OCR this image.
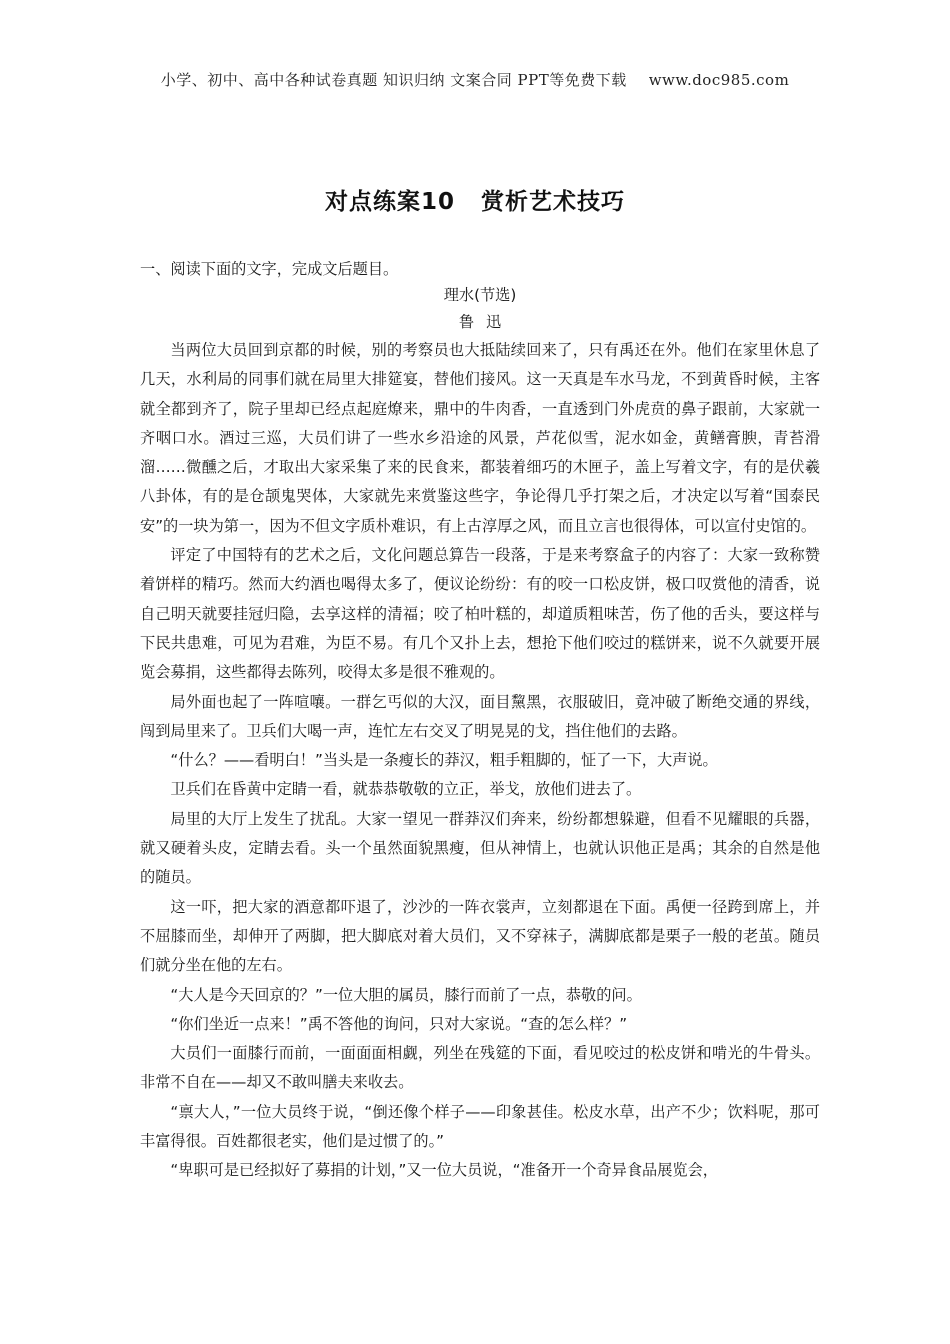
小学、初中、高中各种试卷真题 知识归纳 文案合同 PPT等免费下载 www.doc985.com
对点练案10 赏析艺术技巧
一、阅读下面的文字，完成文后题目。
理水(节选)
鲁迅

当两位大员回到京都的时候，别的考察员也大抵陆续回来了，只有禹还在外。他们在家里休息了几天，水利局的同事们就在局里大排筵宴，替他们接风。这一天真是车水马龙，不到黄昏时候，主客就全都到齐了，院子里却已经点起庭燎来，鼎中的牛肉香，一直透到门外虎贲的鼻子跟前，大家就一齐咽口水。酒过三巡，大员们讲了一些水乡沿途的风景，芦花似雪，泥水如金，黄鳝膏腴，青苔滑溜……微醺之后，才取出大家采集了来的民食来，都装着细巧的木匣子，盖上写着文字，有的是伏羲八卦体，有的是仓颉鬼哭体，大家就先来赏鉴这些字，争论得几乎打架之后，才决定以写着“国泰民安”的一块为第一，因为不但文字质朴难识，有上古淳厚之风，而且立言也很得体，可以宣付史馆的。

评定了中国特有的艺术之后，文化问题总算告一段落，于是来考察盒子的内容了：大家一致称赞着饼样的精巧。然而大约酒也喝得太多了，便议论纷纷：有的咬一口松皮饼，极口叹赏他的清香，说自己明天就要挂冠归隐，去享这样的清福；咬了柏叶糕的，却道质粗味苦，伤了他的舌头，要这样与下民共患难，可见为君难，为臣不易。有几个又扑上去，想抢下他们咬过的糕饼来，说不久就要开展览会募捐，这些都得去陈列，咬得太多是很不雅观的。

局外面也起了一阵喧嚷。一群乞丐似的大汉，面目黧黑，衣服破旧，竟冲破了断绝交通的界线，闯到局里来了。卫兵们大喝一声，连忙左右交叉了明晃晃的戈，挡住他们的去路。

“什么？——看明白！”当头是一条瘦长的莽汉，粗手粗脚的，怔了一下，大声说。

卫兵们在昏黄中定睛一看，就恭恭敬敬的立正，举戈，放他们进去了。

局里的大厅上发生了扰乱。大家一望见一群莽汉们奔来，纷纷都想躲避，但看不见耀眼的兵器，就又硬着头皮，定睛去看。头一个虽然面貌黑瘦，但从神情上，也就认识他正是禹；其余的自然是他的随员。

这一吓，把大家的酒意都吓退了，沙沙的一阵衣裳声，立刻都退在下面。禹便一径跨到席上，并不屈膝而坐，却伸开了两脚，把大脚底对着大员们，又不穿袜子，满脚底都是栗子一般的老茧。随员们就分坐在他的左右。

“大人是今天回京的？”一位大胆的属员，膝行而前了一点，恭敬的问。

“你们坐近一点来！”禹不答他的询问，只对大家说。“查的怎么样？”

大员们一面膝行而前，一面面面相觑，列坐在残筵的下面，看见咬过的松皮饼和啃光的牛骨头。非常不自在——却又不敢叫膳夫来收去。

“禀大人，”一位大员终于说，“倒还像个样子——印象甚佳。松皮水草，出产不少；饮料呢，那可丰富得很。百姓都很老实，他们是过惯了的。”

“卑职可是已经拟好了募捐的计划，”又一位大员说，“准备开一个奇异食品展览会，
